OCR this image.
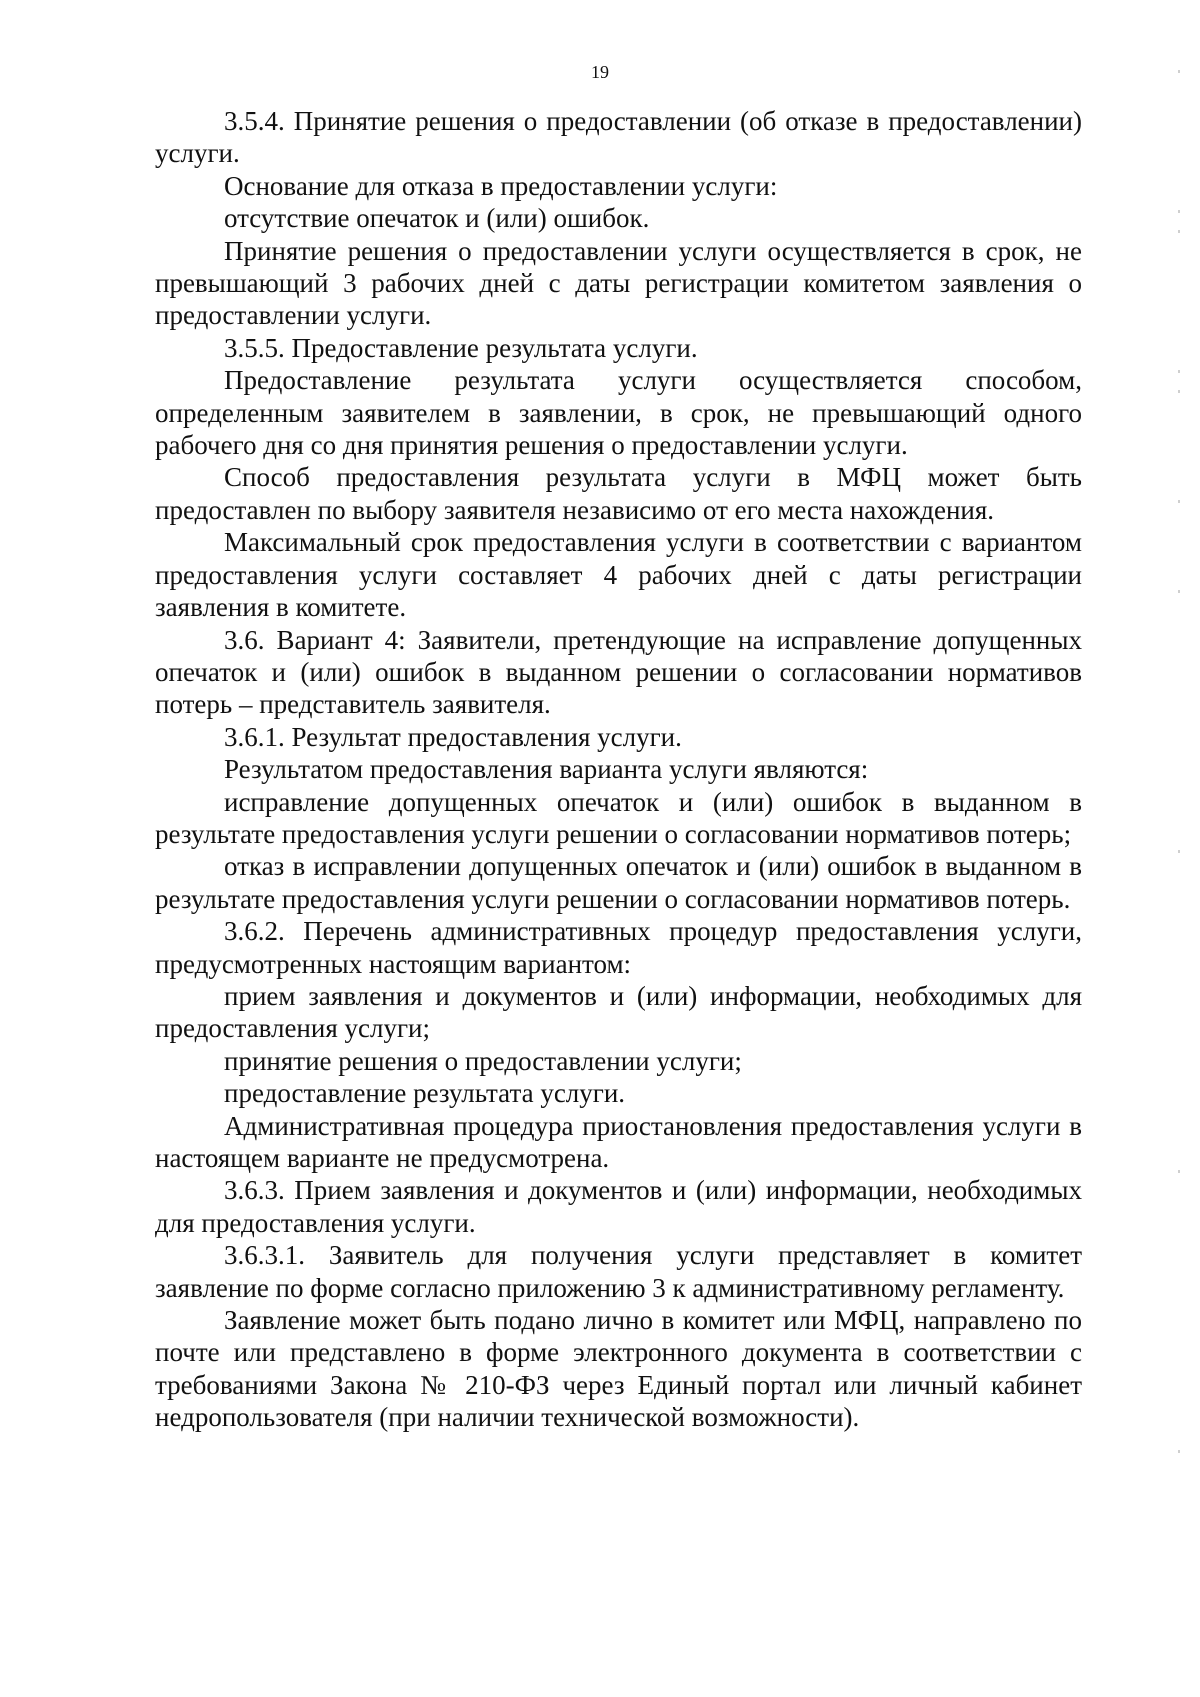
19

3.5.4. Принятие решения о предоставлении (об отказе в предоставлении) услуги.

Основание для отказа в предоставлении услуги:

отсутствие опечаток и (или) ошибок.

Принятие решения о предоставлении услуги осуществляется в срок, не превышающий 3 рабочих дней с даты регистрации комитетом заявления о предоставлении услуги.

3.5.5. Предоставление результата услуги.

Предоставление результата услуги осуществляется способом, определенным заявителем в заявлении, в срок, не превышающий одного рабочего дня со дня принятия решения о предоставлении услуги.

Способ предоставления результата услуги в МФЦ может быть предоставлен по выбору заявителя независимо от его места нахождения.

Максимальный срок предоставления услуги в соответствии с вариантом предоставления услуги составляет 4 рабочих дней с даты регистрации заявления в комитете.

3.6. Вариант 4: Заявители, претендующие на исправление допущенных опечаток и (или) ошибок в выданном решении о согласовании нормативов потерь – представитель заявителя.

3.6.1. Результат предоставления услуги.

Результатом предоставления варианта услуги являются:

исправление допущенных опечаток и (или) ошибок в выданном в результате предоставления услуги решении о согласовании нормативов потерь;

отказ в исправлении допущенных опечаток и (или) ошибок в выданном в результате предоставления услуги решении о согласовании нормативов потерь.

3.6.2. Перечень административных процедур предоставления услуги, предусмотренных настоящим вариантом:

прием заявления и документов и (или) информации, необходимых для предоставления услуги;

принятие решения о предоставлении услуги;

предоставление результата услуги.

Административная процедура приостановления предоставления услуги в настоящем варианте не предусмотрена.

3.6.3. Прием заявления и документов и (или) информации, необходимых для предоставления услуги.

3.6.3.1. Заявитель для получения услуги представляет в комитет заявление по форме согласно приложению 3 к административному регламенту.

Заявление может быть подано лично в комитет или МФЦ, направлено по почте или представлено в форме электронного документа в соответствии с требованиями Закона № 210-ФЗ через Единый портал или личный кабинет недропользователя (при наличии технической возможности).
